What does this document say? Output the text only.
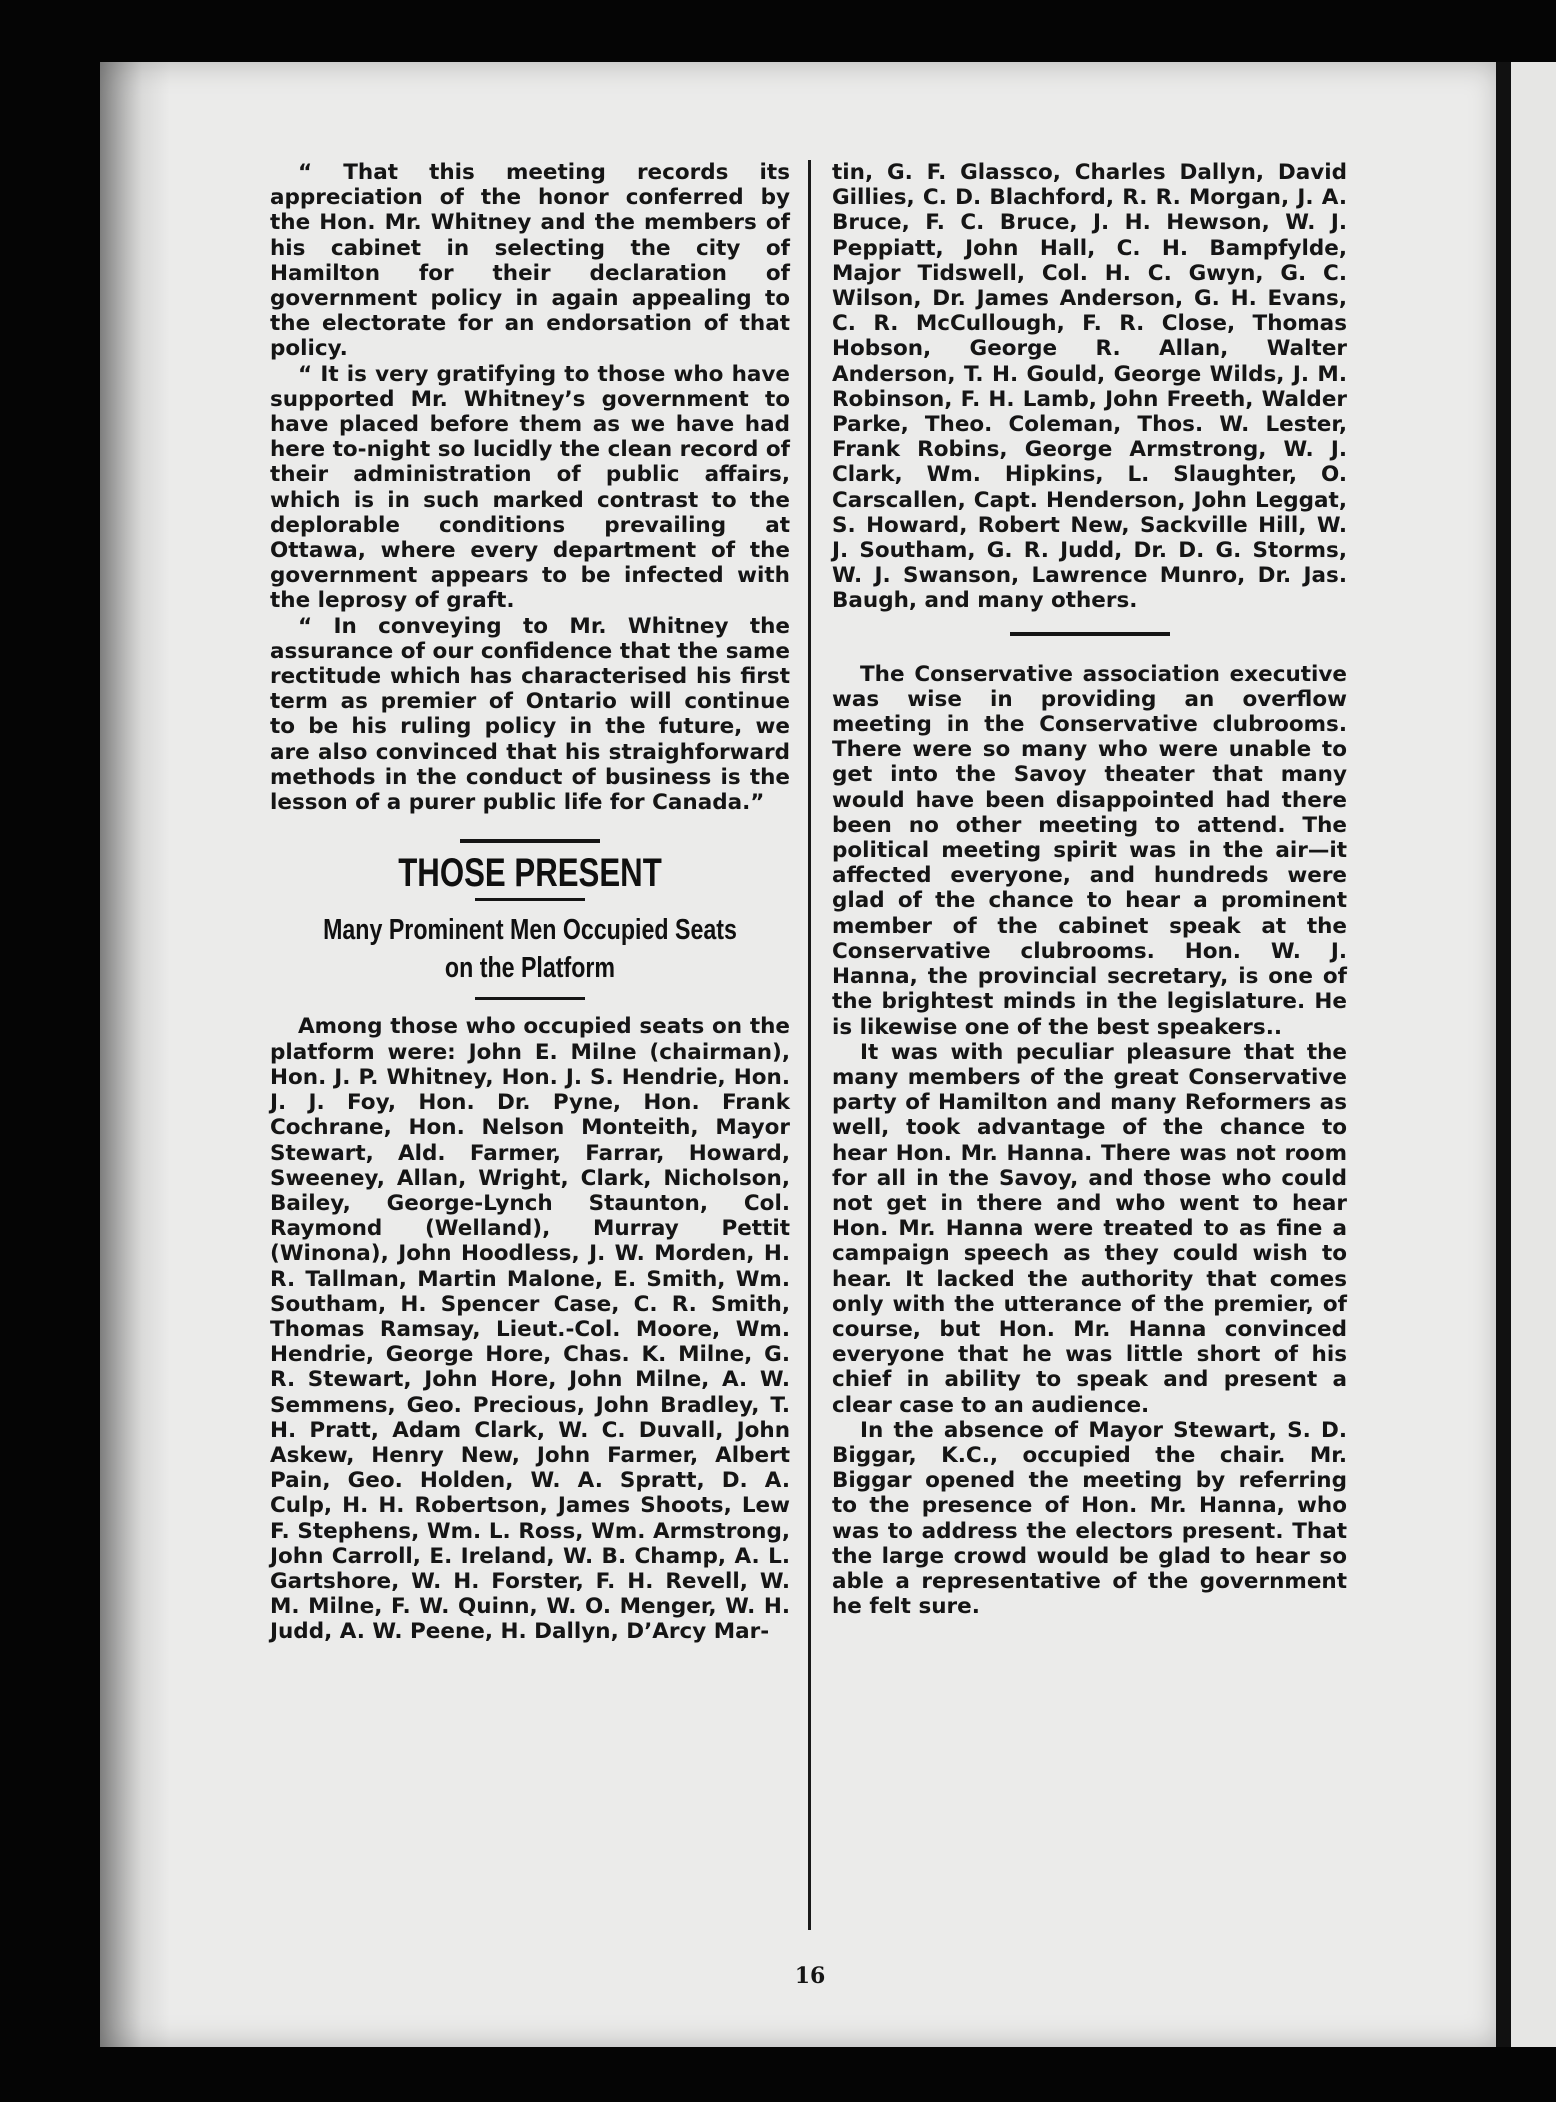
“ That this meeting records its appreciation of the honor conferred by the Hon. Mr. Whitney and the members of his cabinet in selecting the city of Hamilton for their declaration of government policy in again appealing to the electorate for an endorsation of that policy.

“ It is very gratifying to those who have supported Mr. Whitney’s government to have placed before them as we have had here to-night so lucidly the clean record of their administration of public affairs, which is in such marked contrast to the deplorable conditions prevailing at Ottawa, where every department of the government appears to be infected with the leprosy of graft.

“ In conveying to Mr. Whitney the assurance of our confidence that the same rectitude which has characterised his first term as premier of Ontario will continue to be his ruling policy in the future, we are also convinced that his straighforward methods in the conduct of business is the lesson of a purer public life for Canada.”

THOSE PRESENT
Many Prominent Men Occupied Seats on the Platform

Among those who occupied seats on the platform were: John E. Milne (chairman), Hon. J. P. Whitney, Hon. J. S. Hendrie, Hon. J. J. Foy, Hon. Dr. Pyne, Hon. Frank Cochrane, Hon. Nelson Monteith, Mayor Stewart, Ald. Farmer, Farrar, Howard, Sweeney, Allan, Wright, Clark, Nicholson, Bailey, George-Lynch Staunton, Col. Raymond (Welland), Murray Pettit (Winona), John Hoodless, J. W. Morden, H. R. Tallman, Martin Malone, E. Smith, Wm. Southam, H. Spencer Case, C. R. Smith, Thomas Ramsay, Lieut.-Col. Moore, Wm. Hendrie, George Hore, Chas. K. Milne, G. R. Stewart, John Hore, John Milne, A. W. Semmens, Geo. Precious, John Bradley, T. H. Pratt, Adam Clark, W. C. Duvall, John Askew, Henry New, John Farmer, Albert Pain, Geo. Holden, W. A. Spratt, D. A. Culp, H. H. Robertson, James Shoots, Lew F. Stephens, Wm. L. Ross, Wm. Armstrong, John Carroll, E. Ireland, W. B. Champ, A. L. Gartshore, W. H. Forster, F. H. Revell, W. M. Milne, F. W. Quinn, W. O. Menger, W. H. Judd, A. W. Peene, H. Dallyn, D’Arcy Mar-

tin, G. F. Glassco, Charles Dallyn, David Gillies, C. D. Blachford, R. R. Morgan, J. A. Bruce, F. C. Bruce, J. H. Hewson, W. J. Peppiatt, John Hall, C. H. Bampfylde, Major Tidswell, Col. H. C. Gwyn, G. C. Wilson, Dr. James Anderson, G. H. Evans, C. R. McCullough, F. R. Close, Thomas Hobson, George R. Allan, Walter Anderson, T. H. Gould, George Wilds, J. M. Robinson, F. H. Lamb, John Freeth, Walder Parke, Theo. Coleman, Thos. W. Lester, Frank Robins, George Armstrong, W. J. Clark, Wm. Hipkins, L. Slaughter, O. Carscallen, Capt. Henderson, John Leggat, S. Howard, Robert New, Sackville Hill, W. J. Southam, G. R. Judd, Dr. D. G. Storms, W. J. Swanson, Lawrence Munro, Dr. Jas. Baugh, and many others.

The Conservative association executive was wise in providing an overflow meeting in the Conservative clubrooms. There were so many who were unable to get into the Savoy theater that many would have been disappointed had there been no other meeting to attend. The political meeting spirit was in the air—it affected everyone, and hundreds were glad of the chance to hear a prominent member of the cabinet speak at the Conservative clubrooms. Hon. W. J. Hanna, the provincial secretary, is one of the brightest minds in the legislature. He is likewise one of the best speakers..

It was with peculiar pleasure that the many members of the great Conservative party of Hamilton and many Reformers as well, took advantage of the chance to hear Hon. Mr. Hanna. There was not room for all in the Savoy, and those who could not get in there and who went to hear Hon. Mr. Hanna were treated to as fine a campaign speech as they could wish to hear. It lacked the authority that comes only with the utterance of the premier, of course, but Hon. Mr. Hanna convinced everyone that he was little short of his chief in ability to speak and present a clear case to an audience.

In the absence of Mayor Stewart, S. D. Biggar, K.C., occupied the chair. Mr. Biggar opened the meeting by referring to the presence of Hon. Mr. Hanna, who was to address the electors present. That the large crowd would be glad to hear so able a representative of the government he felt sure.

16
